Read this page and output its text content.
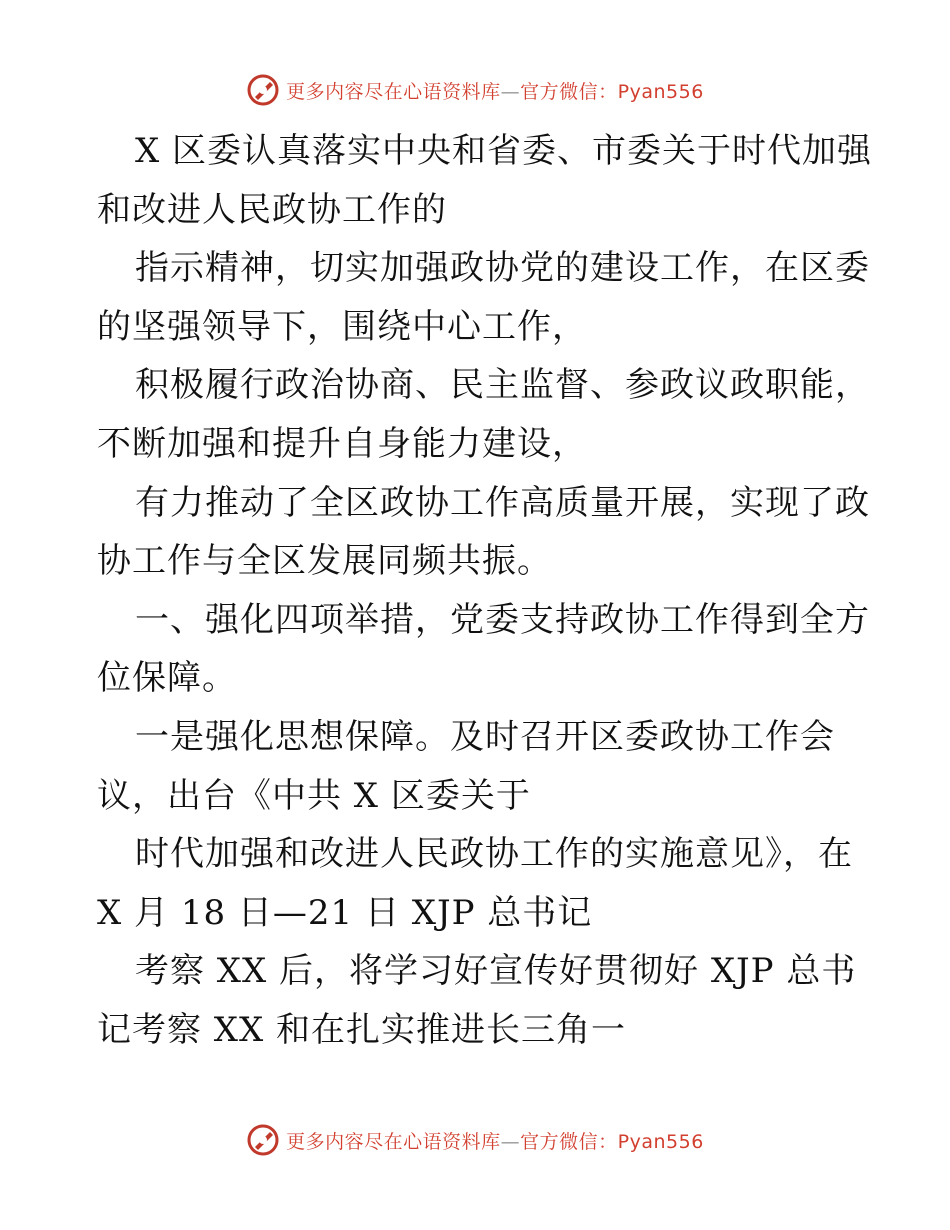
更多内容尽在心语资料库—官方微信：Pyan556
X 区委认真落实中央和省委、市委关于时代加强
和改进人民政协工作的
指示精神，切实加强政协党的建设工作，在区委
的坚强领导下，围绕中心工作，
积极履行政治协商、民主监督、参政议政职能，
不断加强和提升自身能力建设，
有力推动了全区政协工作高质量开展，实现了政
协工作与全区发展同频共振。
一、强化四项举措，党委支持政协工作得到全方
位保障。
一是强化思想保障。及时召开区委政协工作会
议，出台《中共 X 区委关于
时代加强和改进人民政协工作的实施意见》，在
X 月 18 日—21 日 XJP 总书记
考察 XX 后，将学习好宣传好贯彻好 XJP 总书
记考察 XX 和在扎实推进长三角一
更多内容尽在心语资料库—官方微信：Pyan556
